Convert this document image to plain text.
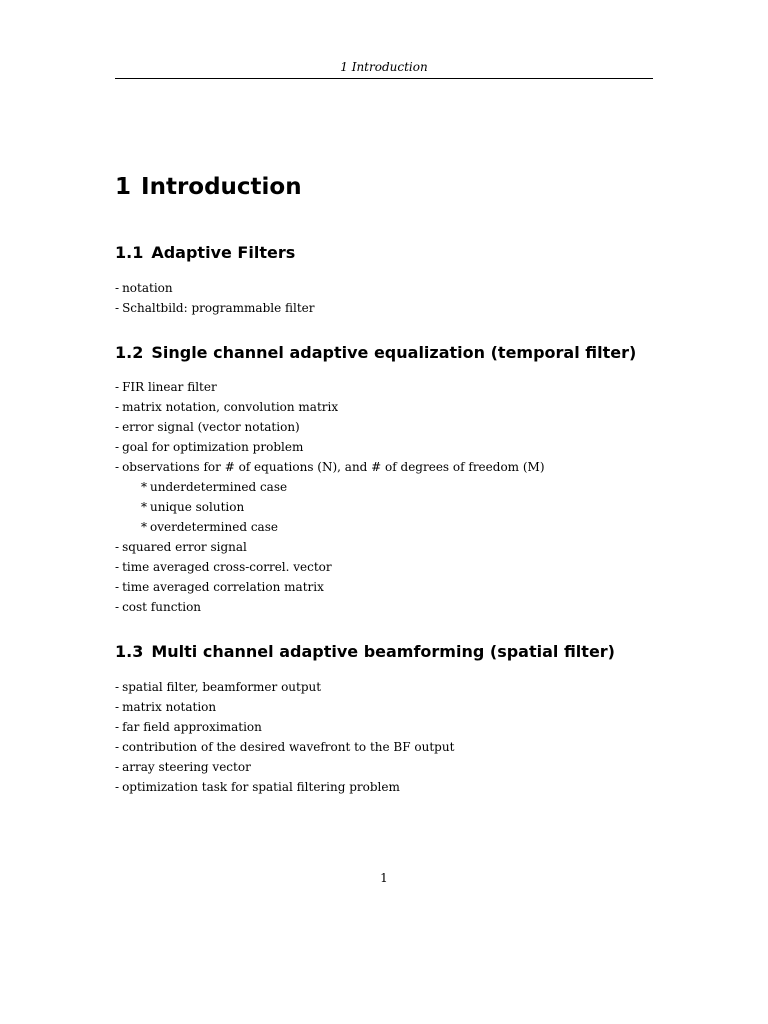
1 Introduction
1 Introduction
1.1 Adaptive Filters
- notation
- Schaltbild: programmable filter
1.2 Single channel adaptive equalization (temporal filter)
- FIR linear filter
- matrix notation, convolution matrix
- error signal (vector notation)
- goal for optimization problem
- observations for # of equations (N), and # of degrees of freedom (M)
* underdetermined case
* unique solution
* overdetermined case
- squared error signal
- time averaged cross-correl. vector
- time averaged correlation matrix
- cost function
1.3 Multi channel adaptive beamforming (spatial filter)
- spatial filter, beamformer output
- matrix notation
- far field approximation
- contribution of the desired wavefront to the BF output
- array steering vector
- optimization task for spatial filtering problem
1
